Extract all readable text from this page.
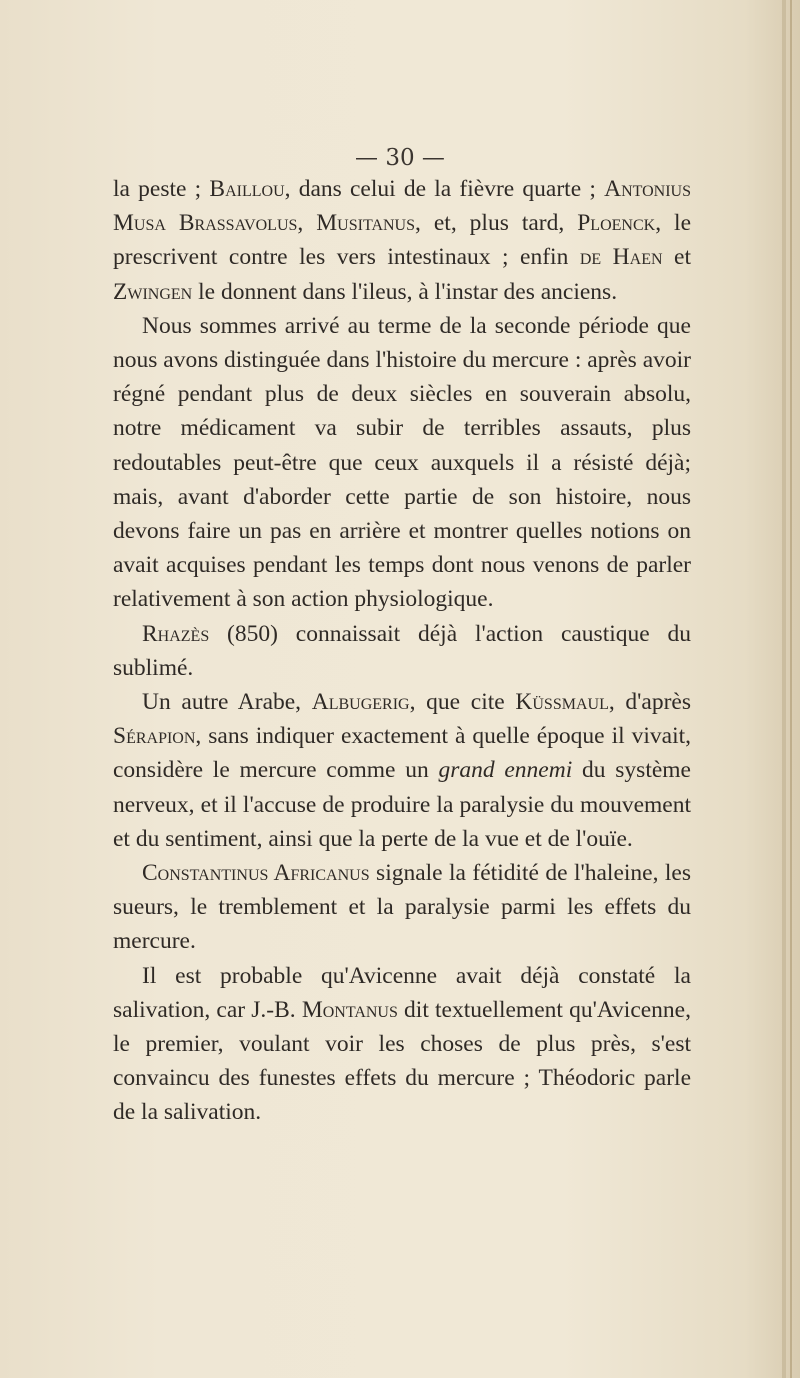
— 30 —

la peste ; Baillou, dans celui de la fièvre quarte ; Antonius Musa Brassavolus, Musitanus, et, plus tard, Ploenck, le prescrivent contre les vers intestinaux ; enfin de Haen et Zwingen le donnent dans l'ileus, à l'instar des anciens.

Nous sommes arrivé au terme de la seconde période que nous avons distinguée dans l'histoire du mercure : après avoir régné pendant plus de deux siècles en souverain absolu, notre médicament va subir de terribles assauts, plus redoutables peut-être que ceux auxquels il a résisté déjà; mais, avant d'aborder cette partie de son histoire, nous devons faire un pas en arrière et montrer quelles notions on avait acquises pendant les temps dont nous venons de parler relativement à son action physiologique.

Rhazès (850) connaissait déjà l'action caustique du sublimé.

Un autre Arabe, Albugerig, que cite Küssmaul, d'après Sérapion, sans indiquer exactement à quelle époque il vivait, considère le mercure comme un grand ennemi du système nerveux, et il l'accuse de produire la paralysie du mouvement et du sentiment, ainsi que la perte de la vue et de l'ouïe.

Constantinus Africanus signale la fétidité de l'haleine, les sueurs, le tremblement et la paralysie parmi les effets du mercure.

Il est probable qu'Avicenne avait déjà constaté la salivation, car J.-B. Montanus dit textuellement qu'Avicenne, le premier, voulant voir les choses de plus près, s'est convaincu des funestes effets du mercure ; Théodoric parle de la salivation.
